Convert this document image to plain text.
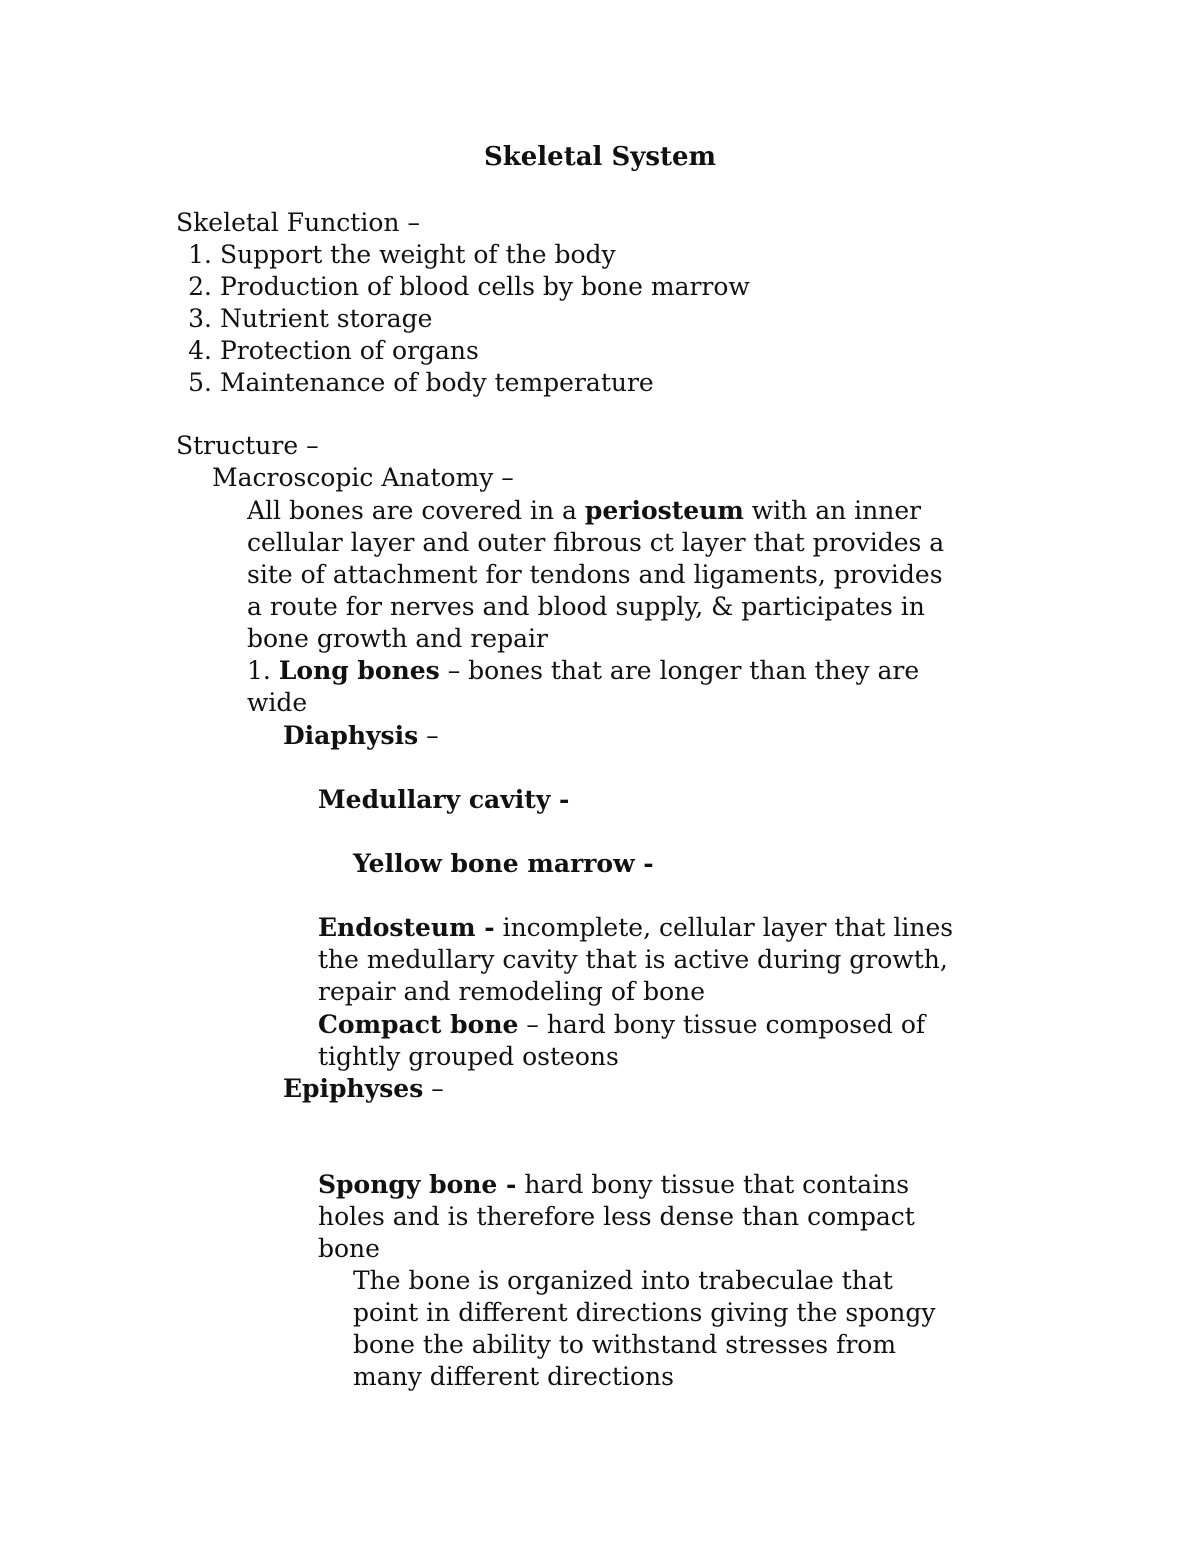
Skeletal System
Skeletal Function –
1. Support the weight of the body
2. Production of blood cells by bone marrow
3. Nutrient storage
4. Protection of organs
5. Maintenance of body temperature
Structure –
Macroscopic Anatomy –
All bones are covered in a periosteum with an inner
cellular layer and outer fibrous ct layer that provides a
site of attachment for tendons and ligaments, provides
a route for nerves and blood supply, & participates in
bone growth and repair
1. Long bones – bones that are longer than they are
wide
Diaphysis –
Medullary cavity -
Yellow bone marrow -
Endosteum - incomplete, cellular layer that lines
the medullary cavity that is active during growth,
repair and remodeling of bone
Compact bone – hard bony tissue composed of
tightly grouped osteons
Epiphyses –
Spongy bone - hard bony tissue that contains
holes and is therefore less dense than compact
bone
The bone is organized into trabeculae that
point in different directions giving the spongy
bone the ability to withstand stresses from
many different directions
